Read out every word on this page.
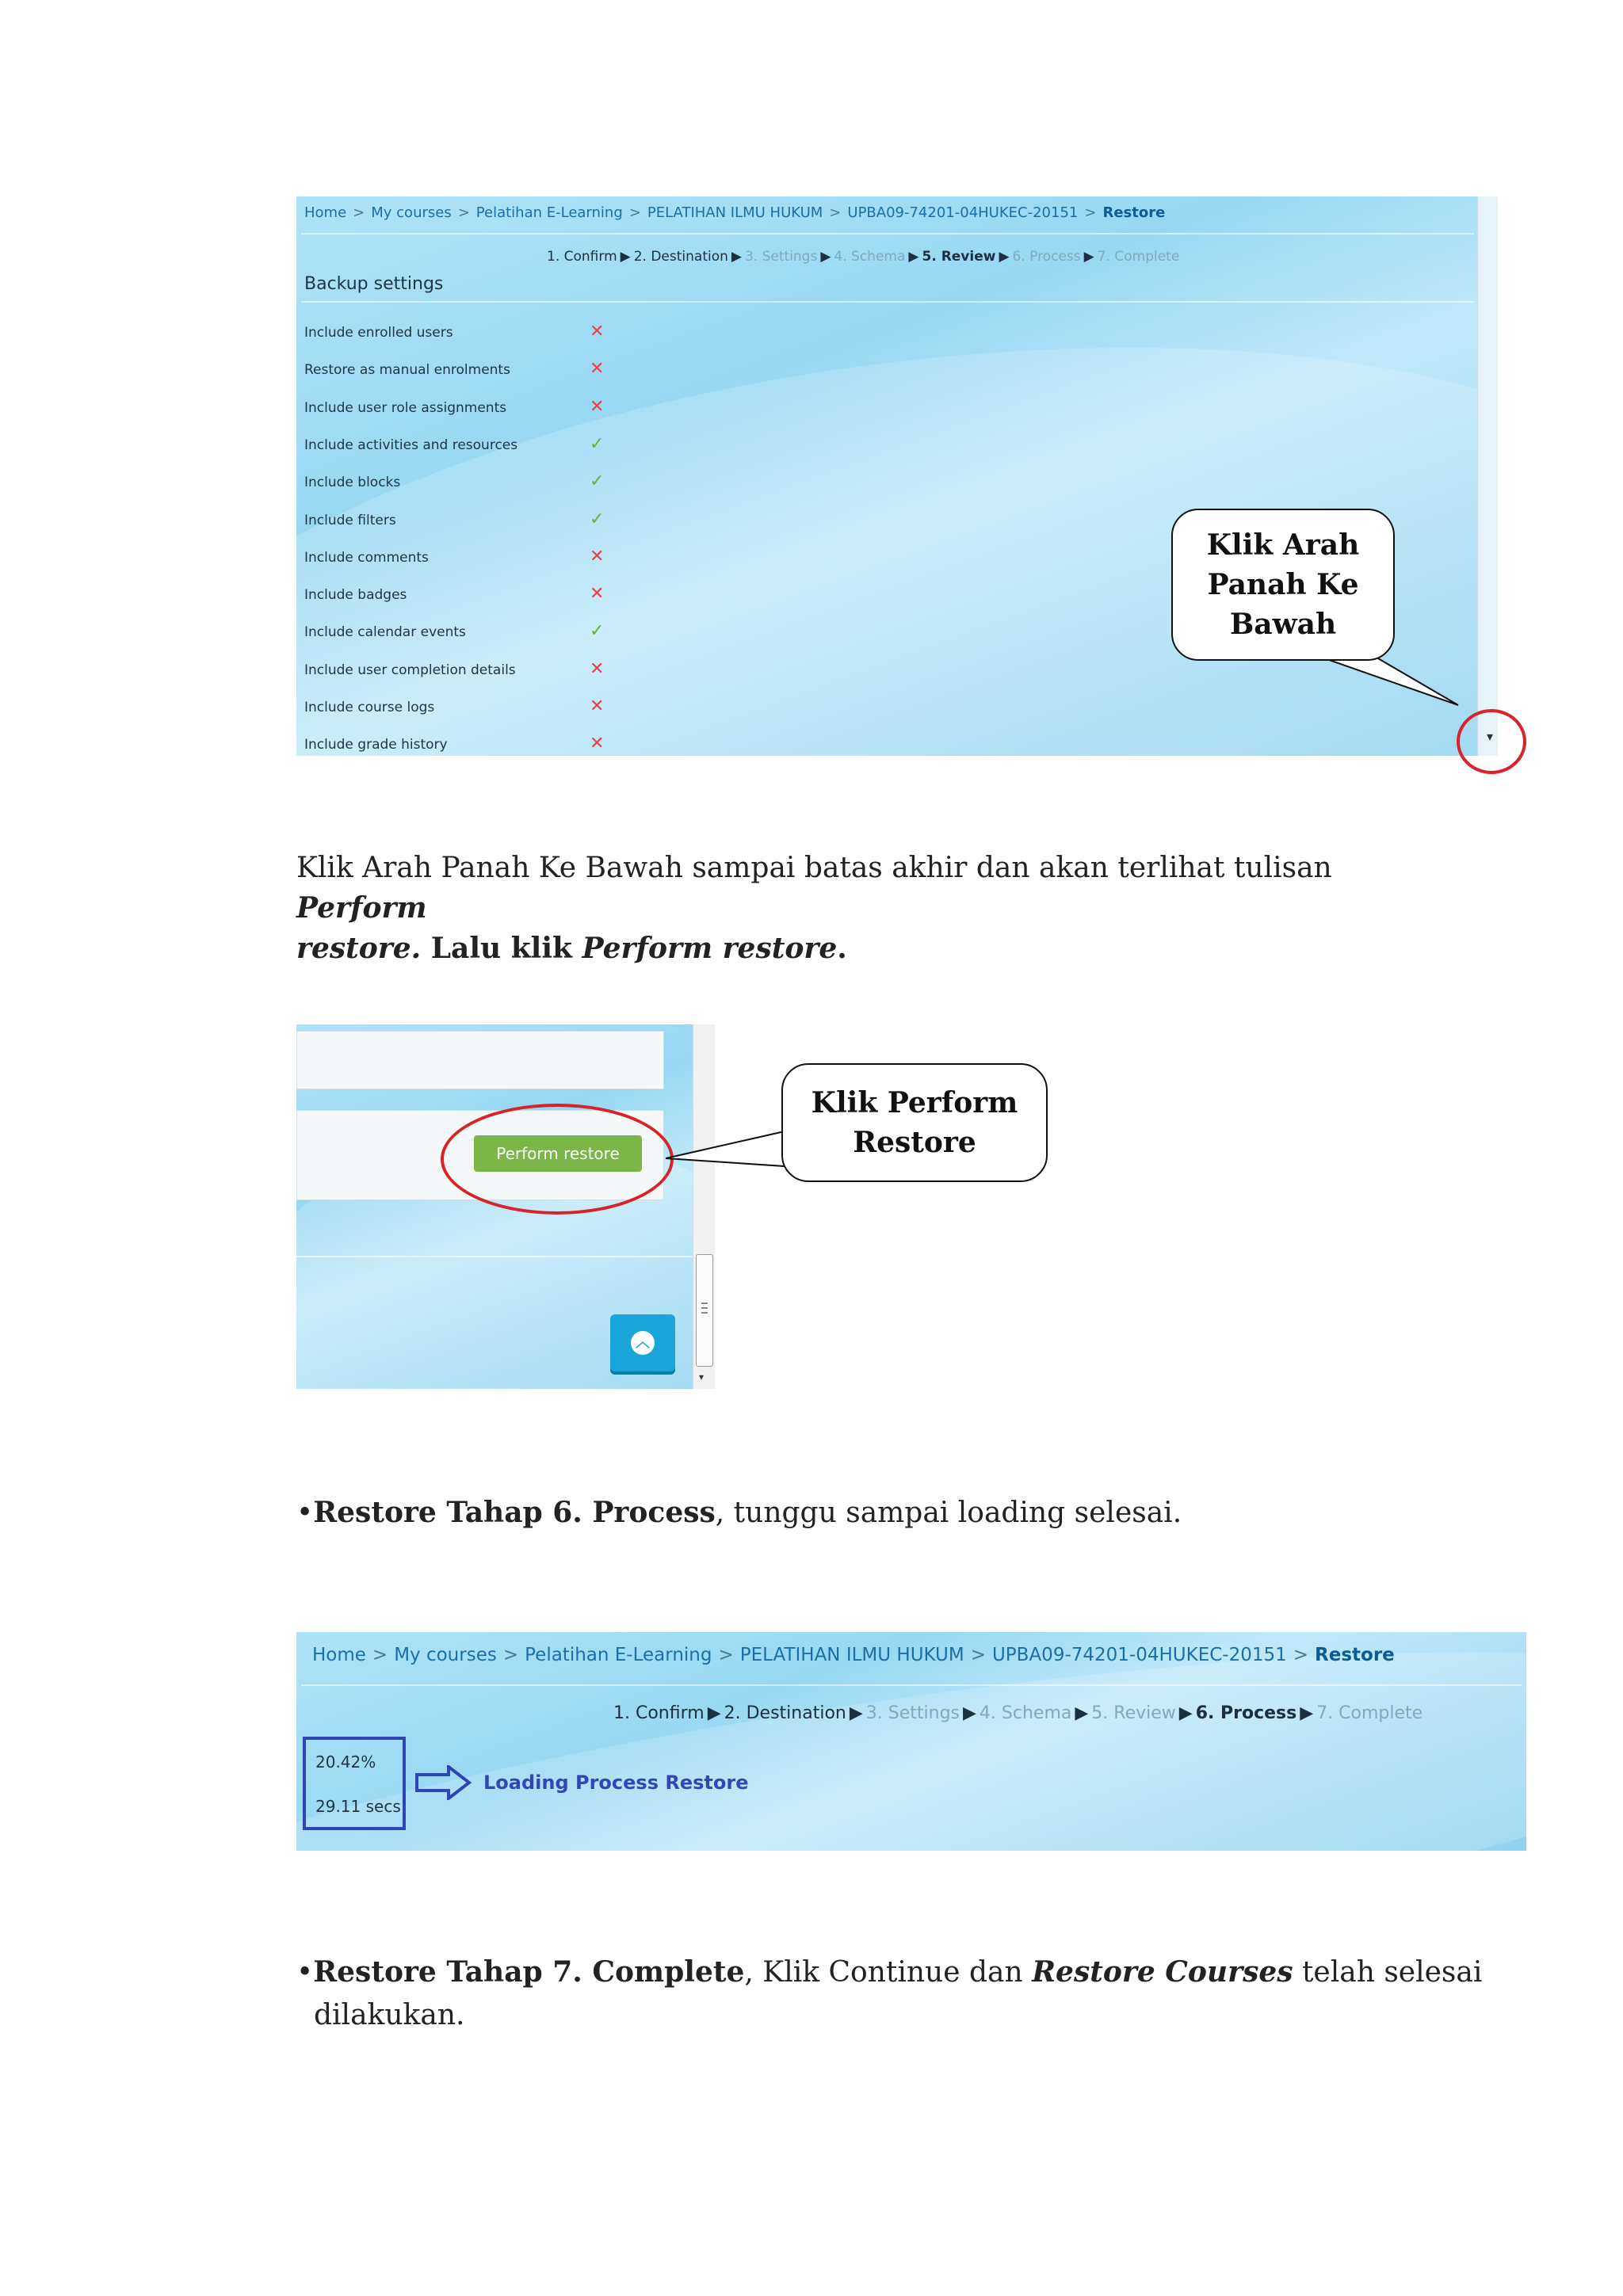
Home > My courses > Pelatihan E-Learning > PELATIHAN ILMU HUKUM > UPBA09-74201-04HUKEC-20151 > Restore
1. Confirm ▶ 2. Destination ▶ 3. Settings ▶ 4. Schema ▶ 5. Review ▶ 6. Process ▶ 7. Complete
Backup settings
Include enrolled users	✕
Restore as manual enrolments	✕
Include user role assignments	✕
Include activities and resources	✓
Include blocks	✓
Include filters	✓
Include comments	✕
Include badges	✕
Include calendar events	✓
Include user completion details	✕
Include course logs	✕
Include grade history	✕	▾
Klik Arah
Panah Ke
Bawah
Klik Arah Panah Ke Bawah sampai batas akhir dan akan terlihat tulisan Perform
restore. Lalu klik Perform restore.
Perform restore
︿
▾
Klik Perform
Restore
•Restore Tahap 6. Process, tunggu sampai loading selesai.
Home > My courses > Pelatihan E-Learning > PELATIHAN ILMU HUKUM > UPBA09-74201-04HUKEC-20151 > Restore
1. Confirm ▶ 2. Destination ▶ 3. Settings ▶ 4. Schema ▶ 5. Review ▶ 6. Process ▶ 7. Complete
20.42%
29.11 secs
Loading Process Restore
•Restore Tahap 7. Complete, Klik Continue dan Restore Courses telah selesai
dilakukan.
